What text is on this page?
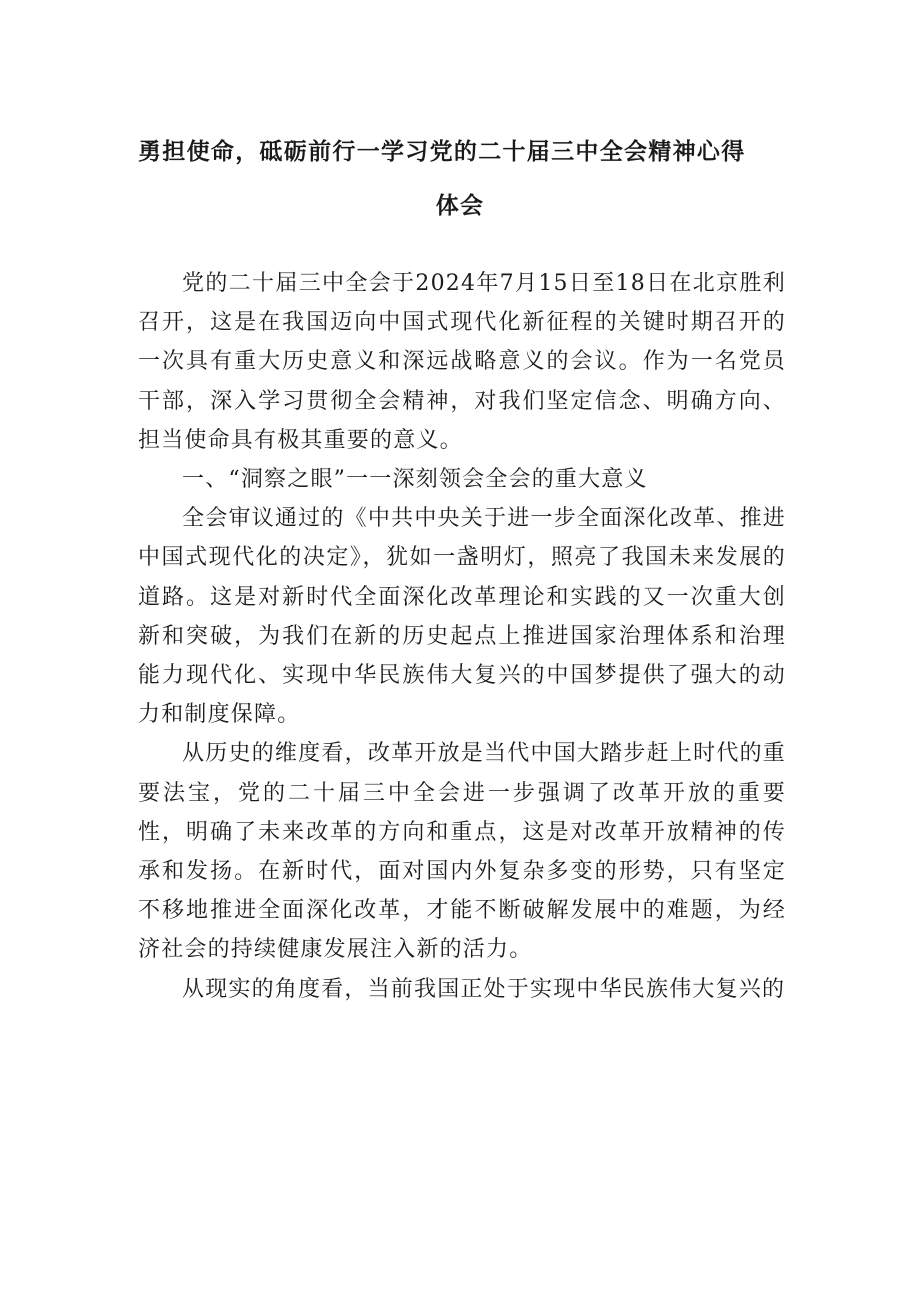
勇担使命，砥砺前行一学习党的二十届三中全会精神心得
体会

党的二十届三中全会于2024年7月15日至18日在北京胜利召开，这是在我国迈向中国式现代化新征程的关键时期召开的一次具有重大历史意义和深远战略意义的会议。作为一名党员干部，深入学习贯彻全会精神，对我们坚定信念、明确方向、担当使命具有极其重要的意义。

一、“洞察之眼”一一深刻领会全会的重大意义

全会审议通过的《中共中央关于进一步全面深化改革、推进中国式现代化的决定》，犹如一盏明灯，照亮了我国未来发展的道路。这是对新时代全面深化改革理论和实践的又一次重大创新和突破，为我们在新的历史起点上推进国家治理体系和治理能力现代化、实现中华民族伟大复兴的中国梦提供了强大的动力和制度保障。

从历史的维度看，改革开放是当代中国大踏步赶上时代的重要法宝，党的二十届三中全会进一步强调了改革开放的重要性，明确了未来改革的方向和重点，这是对改革开放精神的传承和发扬。在新时代，面对国内外复杂多变的形势，只有坚定不移地推进全面深化改革，才能不断破解发展中的难题，为经济社会的持续健康发展注入新的活力。

从现实的角度看，当前我国正处于实现中华民族伟大复兴的
